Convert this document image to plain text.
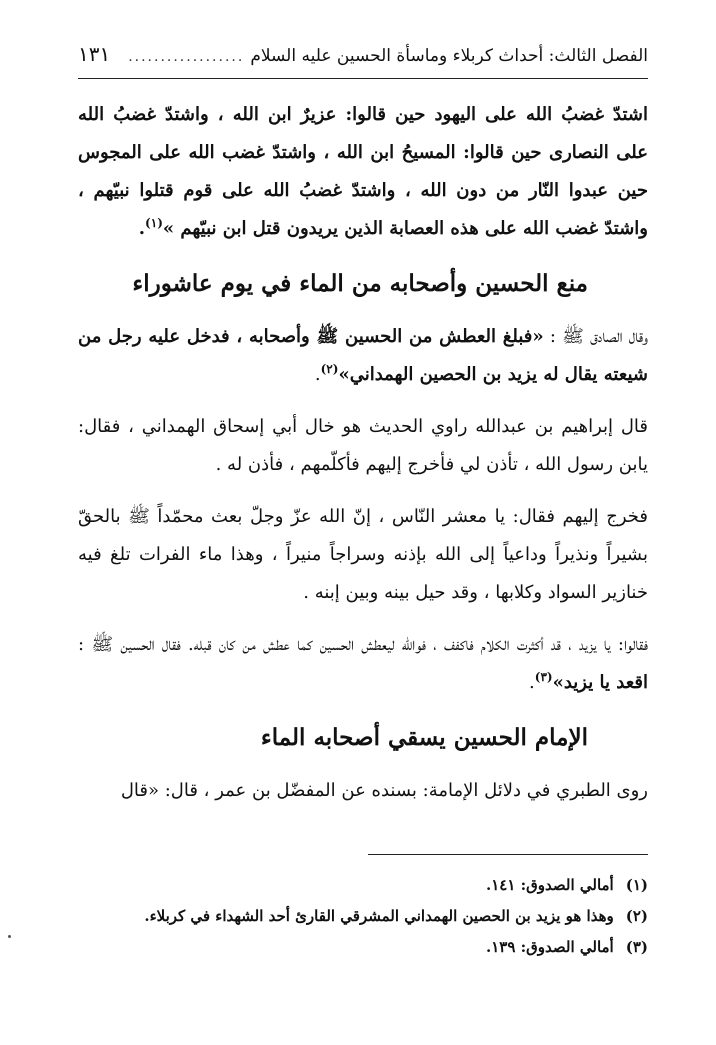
الفصل الثالث: أحداث كربلاء وماسأة الحسين عليه السلام
..................
١٣١

اشتدّ غضبُ الله على اليهود حين قالوا: عزيرٌ ابن الله ، واشتدّ غضبُ الله على النصارى حين قالوا: المسيحُ ابن الله ، واشتدّ غضب الله على المجوس حين عبدوا النّار من دون الله ، واشتدّ غضبُ الله على قوم قتلوا نبيّهم ، واشتدّ غضب الله على هذه العصابة الذين يريدون قتل ابن نبيّهم »$^{(١)}$.

منع الحسين وأصحابه من الماء في يوم عاشوراء

وقال الصادق ﷺ : «فبلغ العطش من الحسين ﷺ وأصحابه ، فدخل عليه رجل من شيعته يقال له يزيد بن الحصين الهمداني»$^{(٢)}$.

قال إبراهيم بن عبدالله راوي الحديث هو خال أبي إسحاق الهمداني ، فقال: يابن رسول الله ، تأذن لي فأخرج إليهم فأكلّمهم ، فأذن له .

فخرج إليهم فقال: يا معشر النّاس ، إنّ الله عزّ وجلّ بعث محمّداً ﷺ بالحقّ بشيراً ونذيراً وداعياً إلى الله بإذنه وسراجاً منيراً ، وهذا ماء الفرات تلغ فيه خنازير السواد وكلابها ، وقد حيل بينه وبين إبنه .

فقالوا: يا يزيد ، قد أكثرت الكلام فاكفف ، فوالله ليعطش الحسين كما عطش من كان قبله. فقال الحسين ﷺ : اقعد يا يزيد»$^{(٣)}$.

الإمام الحسين يسقي أصحابه الماء

روى الطبري في دلائل الإمامة: بسنده عن المفضّل بن عمر ، قال: «قال

(١)
أمالي الصدوق: ١٤١.
(٢)
وهذا هو يزيد بن الحصين الهمداني المشرقي القارئ أحد الشهداء في كربلاء.
(٣)
أمالي الصدوق: ١٣٩.
